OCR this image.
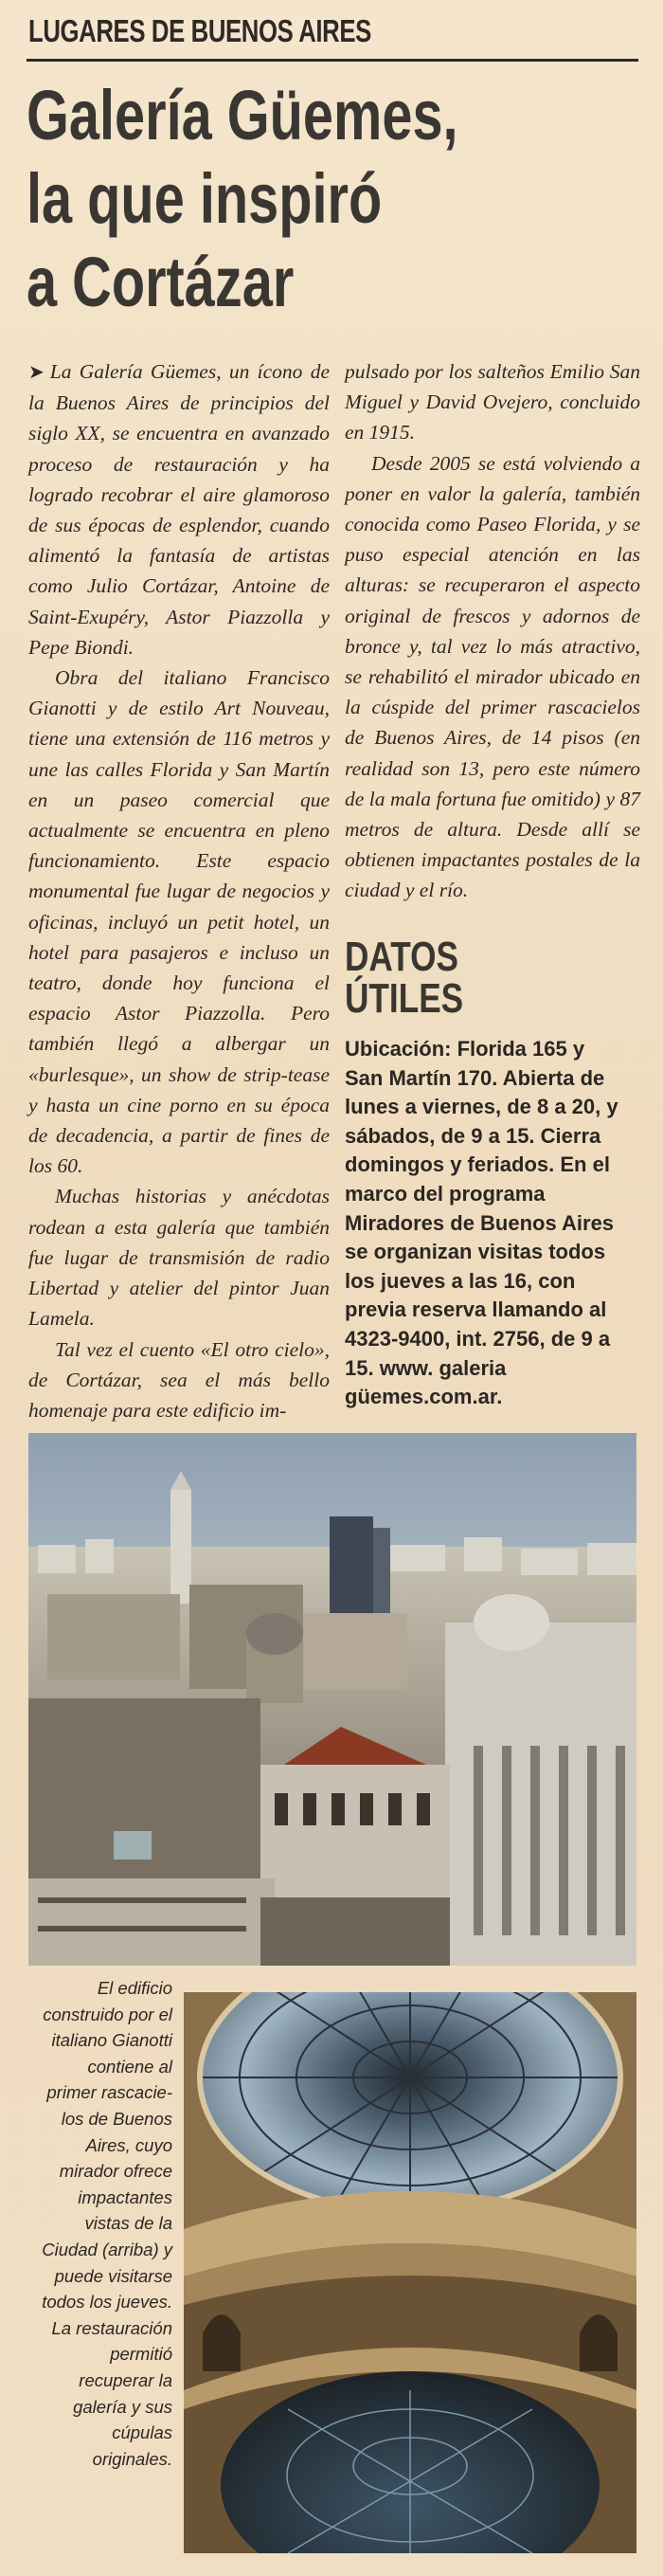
LUGARES DE BUENOS AIRES
Galería Güemes,
la que inspiró
a Cortázar

➤ La Galería Güemes, un ícono de la Buenos Aires de principios del siglo XX, se encuentra en avanzado proceso de restauración y ha logrado recobrar el aire glamoroso de sus épocas de esplendor, cuando alimentó la fantasía de artistas como Julio Cortázar, Antoine de Saint-Exupéry, Astor Piazzolla y Pepe Biondi.

Obra del italiano Francisco Gianotti y de estilo Art Nouveau, tiene una extensión de 116 metros y une las calles Florida y San Martín en un paseo comercial que actualmente se encuentra en pleno funcionamiento. Este espacio monumental fue lugar de negocios y oficinas, incluyó un petit hotel, un hotel para pasajeros e incluso un teatro, donde hoy funciona el espacio Astor Piazzolla. Pero también llegó a albergar un «burlesque», un show de strip-tease y hasta un cine porno en su época de decadencia, a partir de fines de los 60.

Muchas historias y anécdotas rodean a esta galería que también fue lugar de transmisión de radio Libertad y atelier del pintor Juan Lamela.

Tal vez el cuento «El otro cielo», de Cortázar, sea el más bello homenaje para este edificio im-

pulsado por los salteños Emilio San Miguel y David Ovejero, concluido en 1915.

Desde 2005 se está volviendo a poner en valor la galería, también conocida como Paseo Florida, y se puso especial atención en las alturas: se recuperaron el aspecto original de frescos y adornos de bronce y, tal vez lo más atractivo, se rehabilitó el mirador ubicado en la cúspide del primer rascacielos de Buenos Aires, de 14 pisos (en realidad son 13, pero este número de la mala fortuna fue omitido) y 87 metros de altura. Desde allí se obtienen impactantes postales de la ciudad y el río.

DATOS
ÚTILES
Ubicación: Florida 165 y
San Martín 170. Abierta de
lunes a viernes, de 8 a 20, y
sábados, de 9 a 15. Cierra
domingos y feriados. En el
marco del programa
Miradores de Buenos Aires
se organizan visitas todos
los jueves a las 16, con
previa reserva llamando al
4323-9400, int. 2756, de 9 a
15. www. galeria
güemes.com.ar.
El edificio
construido por el
italiano Gianotti
contiene al
primer rascacie-
los de Buenos
Aires, cuyo
mirador ofrece
impactantes
vistas de la
Ciudad (arriba) y
puede visitarse
todos los jueves.
La restauración
permitió
recuperar la
galería y sus
cúpulas
originales.
